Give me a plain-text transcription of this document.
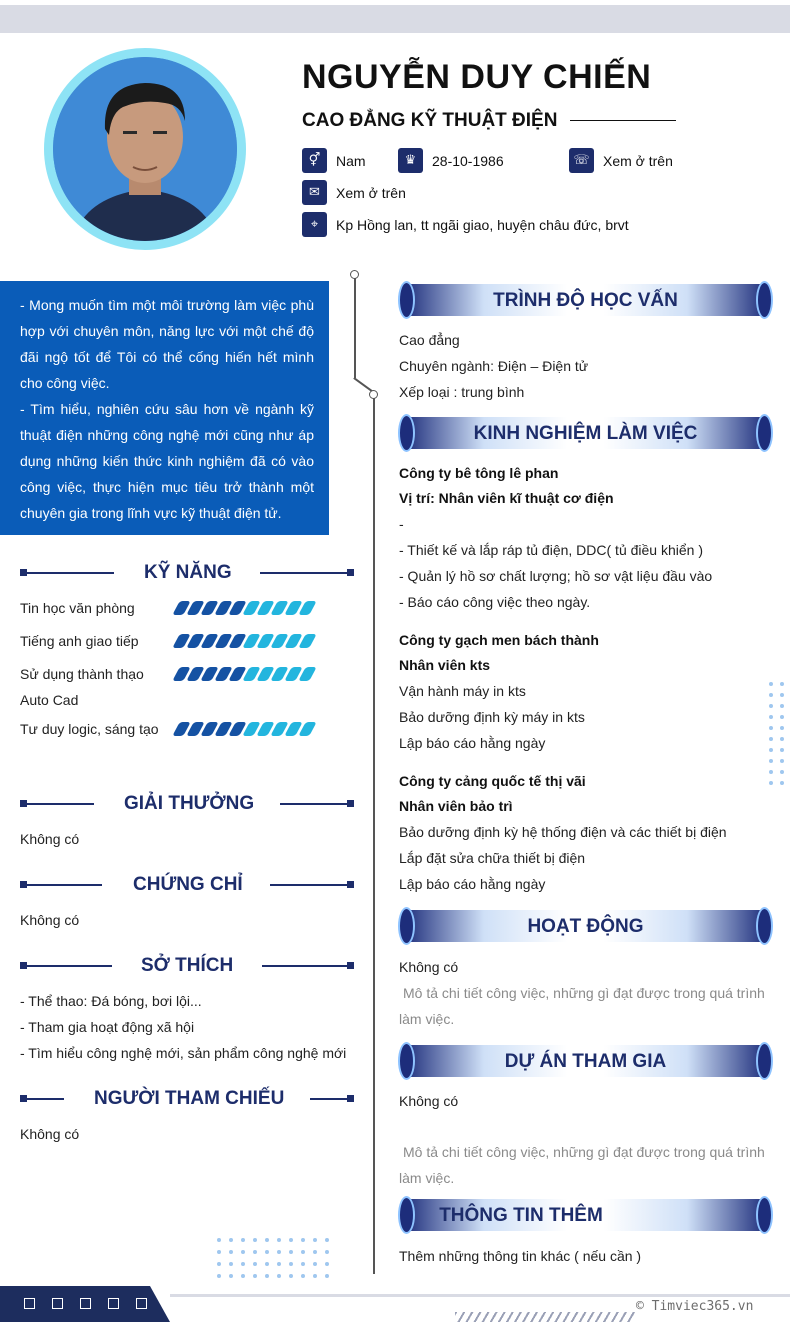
NGUYỄN DUY CHIẾN
CAO ĐẲNG KỸ THUẬT ĐIỆN
⚥	Nam	♛	28-10-1986	☏ Xem ở trên
✉	Xem ở trên
⌖	Kp Hồng lan, tt ngãi giao, huyện châu đức, brvt

- Mong muốn tìm một môi trường làm việc phù hợp với chuyên môn, năng lực với một chế độ đãi ngộ tốt để Tôi có thể cống hiến hết mình cho công việc.

- Tìm hiểu, nghiên cứu sâu hơn về ngành kỹ thuật điện những công nghệ mới cũng như áp dụng những kiến thức kinh nghiệm đã có vào công việc, thực hiện mục tiêu trở thành một chuyên gia trong lĩnh vực kỹ thuật điện tử.

KỸ NĂNG
Tin học văn phòng
Tiếng anh giao tiếp
Sử dụng thành thạo Auto Cad
Tư duy logic, sáng tạo
GIẢI THƯỞNG
Không có
CHỨNG CHỈ
Không có
SỞ THÍCH
- Thể thao: Đá bóng, bơi lội...
- Tham gia hoạt động xã hội
- Tìm hiểu công nghệ mới, sản phẩm công nghệ mới
NGƯỜI THAM CHIẾU
Không có
TRÌNH ĐỘ HỌC VẤN
Cao đẳng
Chuyên ngành: Điện – Điện tử
Xếp loại : trung bình
KINH NGHIỆM LÀM VIỆC
Công ty bê tông lê phan
Vị trí: Nhân viên kĩ thuật cơ điện
-
- Thiết kế và lắp ráp tủ điện, DDC( tủ điều khiển )
- Quản lý hồ sơ chất lượng; hồ sơ vật liệu đầu vào
- Báo cáo công việc theo ngày.
Công ty gạch men bách thành
Nhân viên kts
Vận hành máy in kts
Bảo dưỡng định kỳ máy in kts
Lập báo cáo hằng ngày
Công ty cảng quốc tế thị vãi
Nhân viên bảo trì
Bảo dưỡng định kỳ hệ thống điện và các thiết bị điện
Lắp đặt sửa chữa thiết bị điện
Lập báo cáo hằng ngày
HOẠT ĐỘNG
Không có
Mô tả chi tiết công việc, những gì đạt được trong quá trình
làm việc.
DỰ ÁN THAM GIA
Không có
Mô tả chi tiết công việc, những gì đạt được trong quá trình
làm việc.
THÔNG TIN THÊM
Thêm những thông tin khác ( nếu cần )
© Timviec365.vn
